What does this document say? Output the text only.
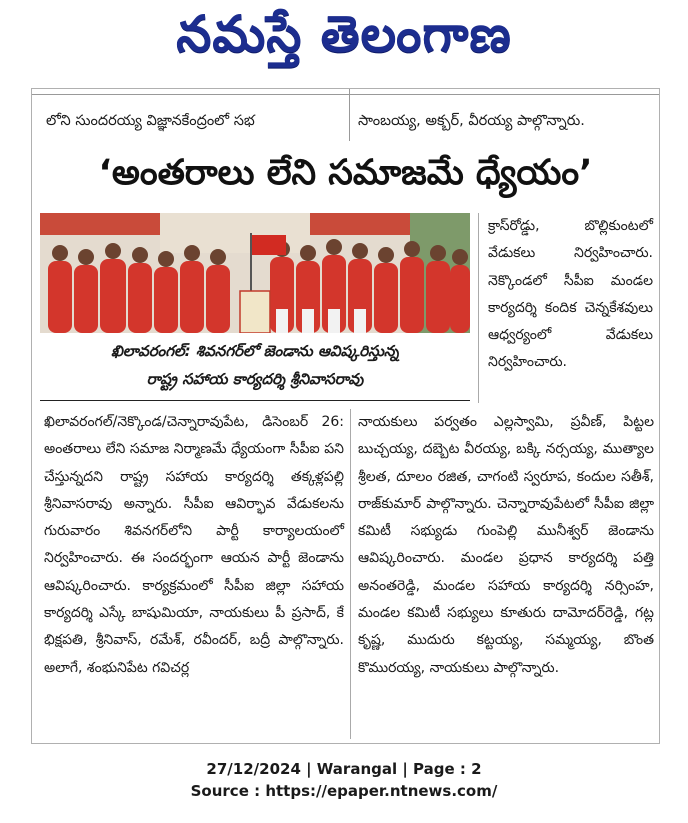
నమస్తే తెలంగాణ
లోని సుందరయ్య విజ్ఞానకేంద్రంలో సభ	సాంబయ్య, అక్బర్, వీరయ్య పాల్గొన్నారు.
‘అంతరాలు లేని సమాజమే ధ్యేయం’
ఖిలావరంగల్: శివనగర్‌లో జెండాను ఆవిష్కరిస్తున్న
రాష్ట్ర సహాయ కార్యదర్శి శ్రీనివాసరావు

క్రాస్‌రోడ్డు, బొల్లికుంటలో వేడుకలు నిర్వహించారు. నెక్కొండలో సీపీఐ మండల కార్యదర్శి కందిక చెన్నకేశవులు ఆధ్వర్యంలో వేడుకలు నిర్వహించారు.

ఖిలావరంగల్/నెక్కొండ/చెన్నారావుపేట, డిసెంబర్ 26: అంతరాలు లేని సమాజ నిర్మాణమే ధ్యేయంగా సీపీఐ పని చేస్తున్నదని రాష్ట్ర సహాయ కార్యదర్శి తక్కళ్లపల్లి శ్రీనివాసరావు అన్నారు. సీపీఐ ఆవిర్భావ వేడుకలను గురువారం శివనగర్‌లోని పార్టీ కార్యాలయంలో నిర్వహించారు. ఈ సందర్భంగా ఆయన పార్టీ జెండాను ఆవిష్కరించారు. కార్యక్రమంలో సీపీఐ జిల్లా సహాయ కార్యదర్శి ఎస్కే బాషుమియా, నాయకులు పీ ప్రసాద్, కే భిక్షపతి, శ్రీనివాస్, రమేశ్, రవీందర్, బద్రీ పాల్గొన్నారు. అలాగే, శంభునిపేట గవిచర్ల

నాయకులు పర్వతం ఎల్లస్వామి, ప్రవీణ్, పిట్టల బుచ్చయ్య, దబ్బెట వీరయ్య, బక్కి నర్సయ్య, ముత్యాల శ్రీలత, దూలం రజిత, చాగంటి స్వరూప, కందుల సతీశ్, రాజ్‌కుమార్ పాల్గొన్నారు. చెన్నారావుపేటలో సీపీఐ జిల్లా కమిటీ సభ్యుడు గుంపెల్లి మునీశ్వర్ జెండాను ఆవిష్కరించారు. మండల ప్రధాన కార్యదర్శి పత్తి అనంతరెడ్డి, మండల సహాయ కార్యదర్శి నర్సింహ, మండల కమిటీ సభ్యులు కూతురు దామోదర్‌రెడ్డి, గట్ల కృష్ణ, ముదురు కట్టయ్య, సమ్మయ్య, బొంత కొమురయ్య, నాయకులు పాల్గొన్నారు.

27/12/2024 | Warangal | Page : 2
Source : https://epaper.ntnews.com/
